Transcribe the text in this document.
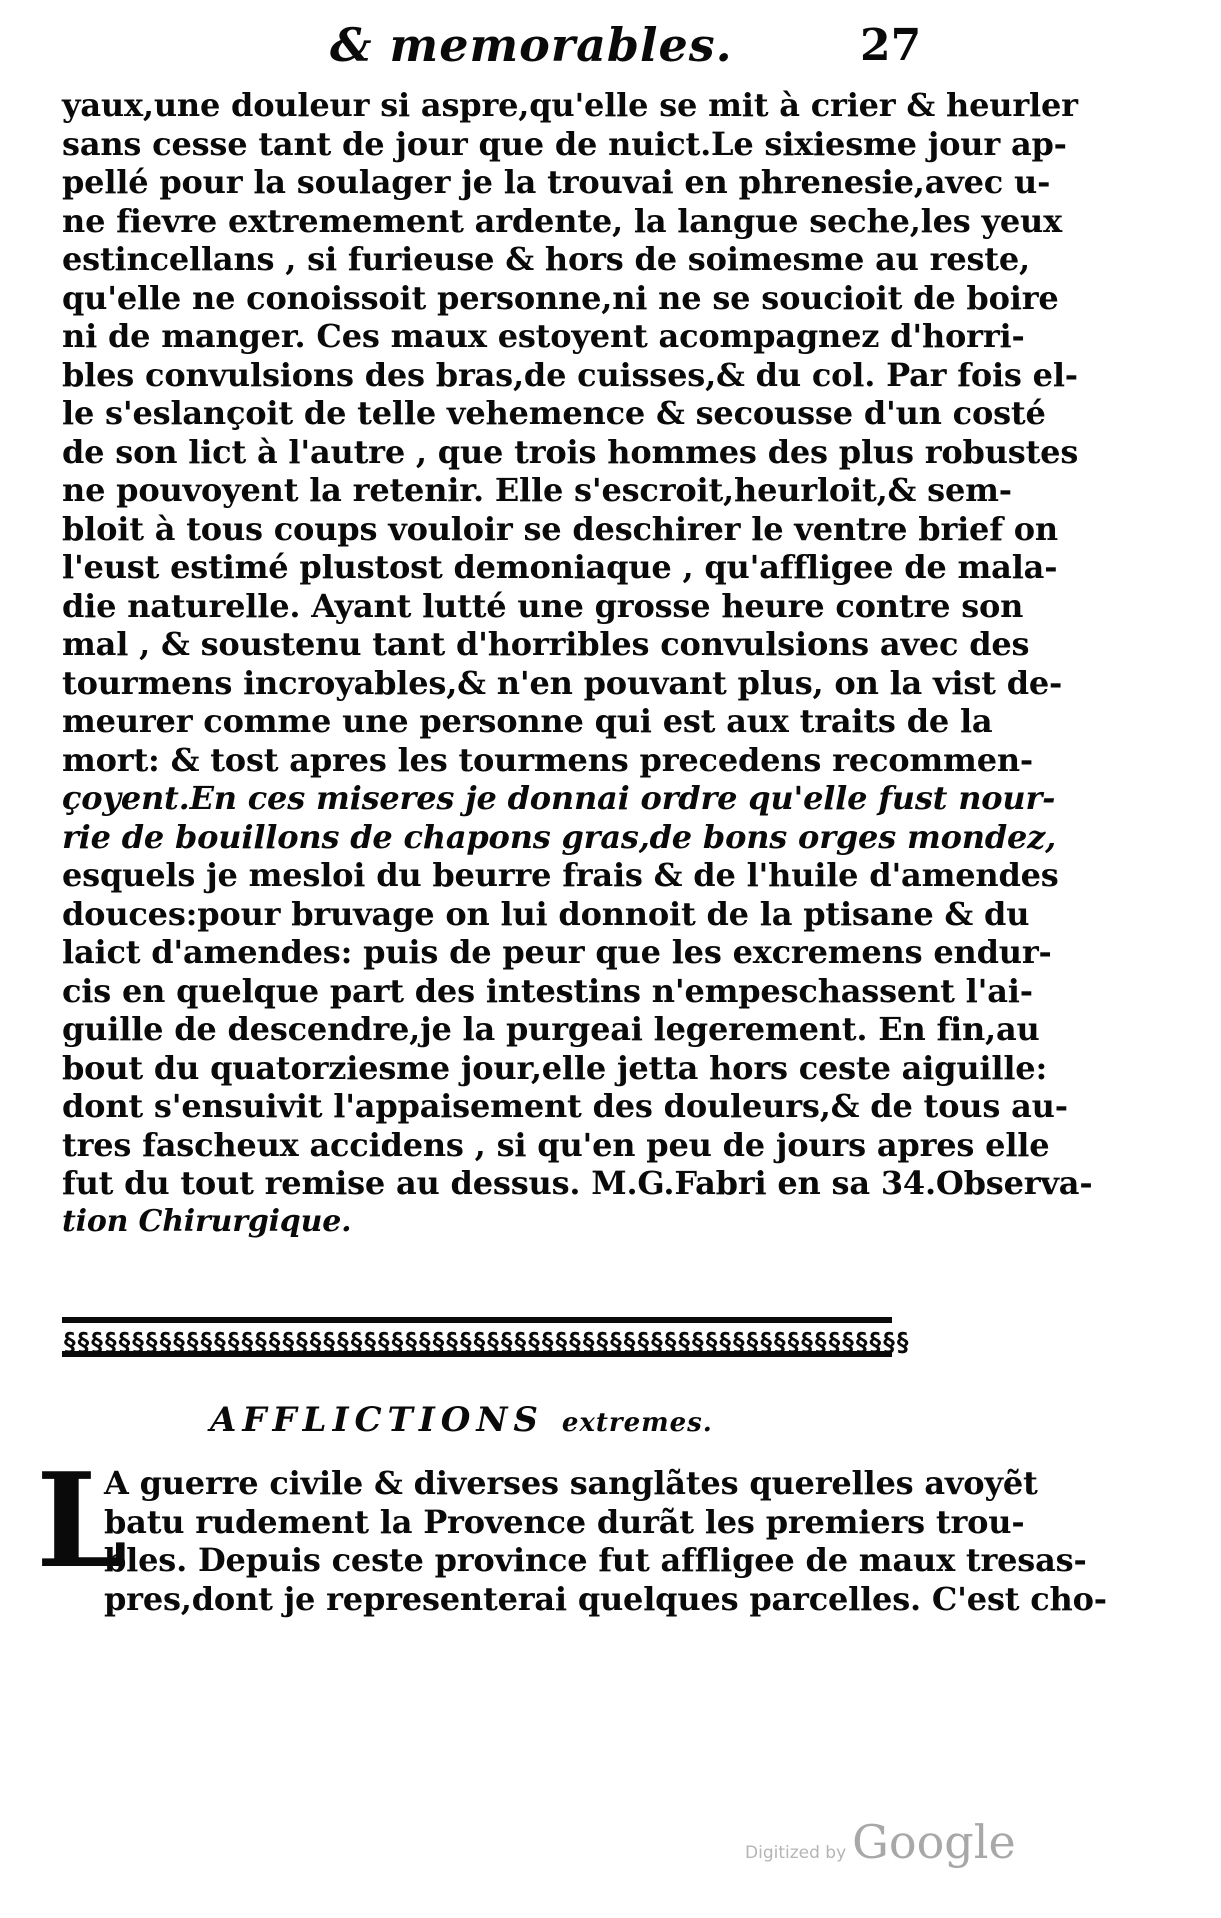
& memorables.	27
yaux,une douleur si aspre,qu'elle se mit à crier & heurler
sans cesse tant de jour que de nuict.Le sixiesme jour ap-
pellé pour la soulager je la trouvai en phrenesie,avec u-
ne fievre extremement ardente, la langue seche,les yeux
estincellans , si furieuse & hors de soimesme au reste,
qu'elle ne conoissoit personne,ni ne se soucioit de boire
ni de manger. Ces maux estoyent acompagnez d'horri-
bles convulsions des bras,de cuisses,& du col. Par fois el-
le s'eslançoit de telle vehemence & secousse d'un costé
de son lict à l'autre , que trois hommes des plus robustes
ne pouvoyent la retenir. Elle s'escroit,heurloit,& sem-
bloit à tous coups vouloir se deschirer le ventre brief on
l'eust estimé plustost demoniaque , qu'affligee de mala-
die naturelle. Ayant lutté une grosse heure contre son
mal , & soustenu tant d'horribles convulsions avec des
tourmens incroyables,& n'en pouvant plus, on la vist de-
meurer comme une personne qui est aux traits de la
mort: & tost apres les tourmens precedens recommen-
çoyent.En ces miseres je donnai ordre qu'elle fust nour-
rie de bouillons de chapons gras,de bons orges mondez,
esquels je mesloi du beurre frais & de l'huile d'amendes
douces:pour bruvage on lui donnoit de la ptisane & du
laict d'amendes: puis de peur que les excremens endur-
cis en quelque part des intestins n'empeschassent l'ai-
guille de descendre,je la purgeai legerement. En fin,au
bout du quatorziesme jour,elle jetta hors ceste aiguille:
dont s'ensuivit l'appaisement des douleurs,& de tous au-
tres fascheux accidens , si qu'en peu de jours apres elle
fut du tout remise au dessus. M.G.Fabri en sa 34.Observa-
tion Chirurgique.
§§§§§§§§§§§§§§§§§§§§§§§§§§§§§§§§§§§§§§§§§§§§§§§§§§§§§§§§§§§§§§
AFFLICTIONS extremes.
L
A guerre civile & diverses sanglãtes querelles avoyẽt
batu rudement la Provence durãt les premiers trou-
bles. Depuis ceste province fut affligee de maux tresas-
pres,dont je representerai quelques parcelles. C'est cho-
Digitized by Google
